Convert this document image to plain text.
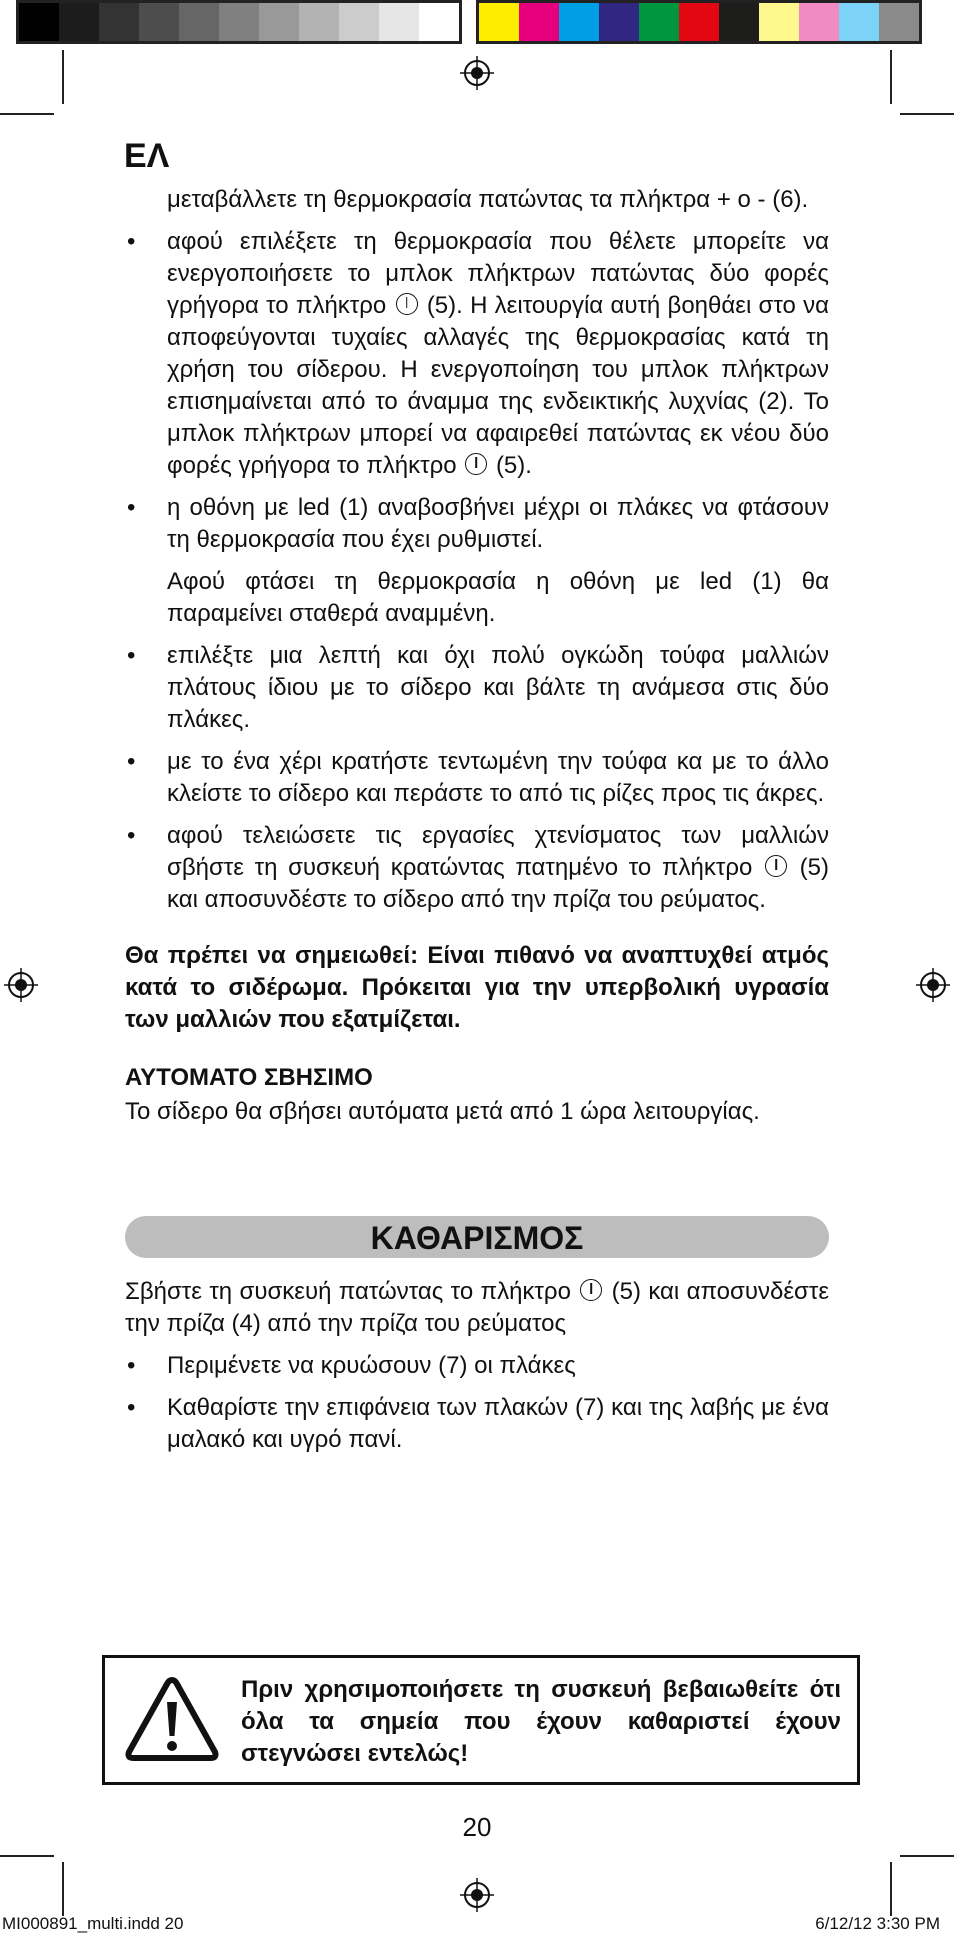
ΕΛ
μεταβάλλετε τη θερμοκρασία πατώντας τα πλήκτρα + ο - (6).
• αφού επιλέξετε τη θερμοκρασία που θέλετε μπορείτε να ενεργοποιήσετε το μπλοκ πλήκτρων πατώντας δύο φορές γρήγορα το πλήκτρο (5). Η λειτουργία αυτή βοηθάει στο να αποφεύγονται τυχαίες αλλαγές της θερμοκρασίας κατά τη χρήση του σίδερου. Η ενεργοποίηση του μπλοκ πλήκτρων επισημαίνεται από το άναμμα της ενδεικτικής λυχνίας (2). Το μπλοκ πλήκτρων μπορεί να αφαιρεθεί πατώντας εκ νέου δύο φορές γρήγορα το πλήκτρο (5).
• η οθόνη με led (1) αναβοσβήνει μέχρι οι πλάκες να φτάσουν τη θερμοκρασία που έχει ρυθμιστεί.
Αφού φτάσει τη θερμοκρασία η οθόνη με led (1) θα παραμείνει σταθερά αναμμένη.
• επιλέξτε μια λεπτή και όχι πολύ ογκώδη τούφα μαλλιών πλάτους ίδιου με το σίδερο και βάλτε τη ανάμεσα στις δύο πλάκες.
• με το ένα χέρι κρατήστε τεντωμένη την τούφα κα με το άλλο κλείστε το σίδερο και περάστε το από τις ρίζες προς τις άκρες.
• αφού τελειώσετε τις εργασίες χτενίσματος των μαλλιών σβήστε τη συσκευή κρατώντας πατημένο το πλήκτρο (5) και αποσυνδέστε το σίδερο από την πρίζα του ρεύματος.
Θα πρέπει να σημειωθεί: Είναι πιθανό να αναπτυχθεί ατμός κατά το σιδέρωμα. Πρόκειται για την υπερβολική υγρασία των μαλλιών που εξατμίζεται.
ΑΥΤΟΜΑΤΟ ΣΒΗΣΙΜΟ
Το σίδερο θα σβήσει αυτόματα μετά από 1 ώρα λειτουργίας.
ΚΑΘΑΡΙΣΜΟΣ
Σβήστε τη συσκευή πατώντας το πλήκτρο (5) και αποσυνδέστε την πρίζα (4) από την πρίζα του ρεύματος
• Περιμένετε να κρυώσουν (7) οι πλάκες
• Καθαρίστε την επιφάνεια των πλακών (7) και της λαβής με ένα μαλακό και υγρό πανί.
Πριν χρησιμοποιήσετε τη συσκευή βεβαιωθείτε ότι όλα τα σημεία που έχουν καθαριστεί έχουν στεγνώσει εντελώς!
20
MI000891_multi.indd 20	6/12/12 3:30 PM
